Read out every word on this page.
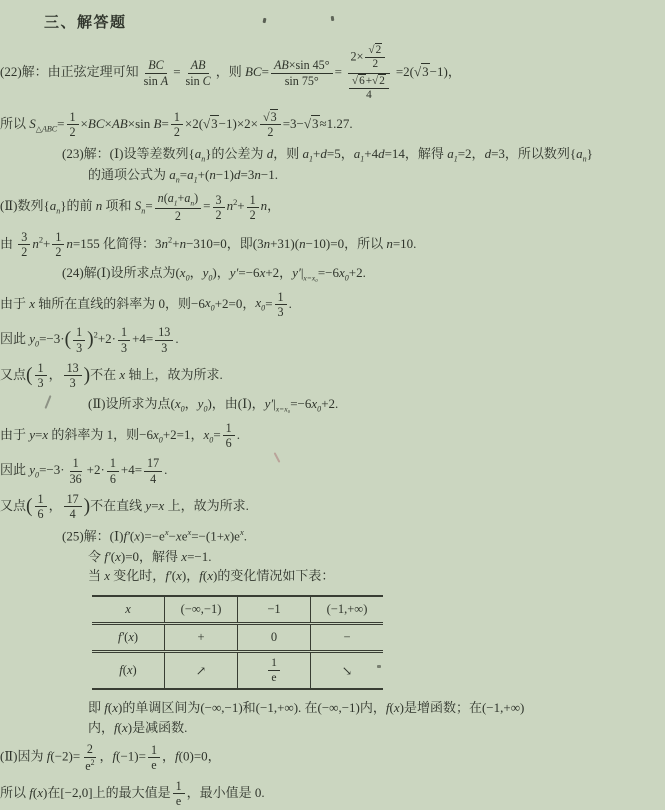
三、解答题
(22)解：由正弦定理可知 $\frac{BC}{\text{sin A}} = \frac{AB}{\text{sin C}}$ ，则 $BC= \frac{AB\times\sin 45^\circ}{\sin 75^\circ} = \frac{2\times \frac{√2}{2}}{\frac{√6+√2}{4}} =2(√3-1)$，
所以 $S_{\triangle ABC}= \frac{1}{2} \times BC\times AB\times\sin$ $B= \frac{1}{2} \times 2(√3-1)\times 2\times \frac{√3}{2} =3-√3\approx 1.27$.
(23)解：(Ⅰ)设等差数列$\{a_n\}$的公差为 d，则 $a_1+d=5$，$a_1+4d=14$，解得 $a_1=2$，d=3，所以数列$\{a_n\}$
的通项公式为 $a_n=a_1+(n-1)d=3n-1$.
(Ⅱ)数列$\{a_n\}$的前 n 项和 $S_n= \frac{n(a_1+a_n)}{2} = \frac{3}{2} n^2+ \frac{1}{2}$ n，
由 $\frac{3}{2} n^2+ \frac{1}{2} n=155$ 化简得：$3n^2+n-310=0$，即(3n+31)(n−10)=0，所以 n=10.
(24)解(Ⅰ)设所求点为($x_0$，$y_0$)，y′=−6x+2，$y'|_{x=x_0}=-6x_0+2$.
由于 x 轴所在直线的斜率为 0，则$-6x_0+2=0$，$x_0= \frac{1}{3}$ .
因此 $y_0=-3\cdot( \frac{1}{3} )^2+2\cdot \frac{1}{3} +4= \frac{13}{3}$ .
又点( $\frac{1}{3}$ ， $\frac{13}{3}$ )不在 x 轴上，故为所求.
(Ⅱ)设所求为点($x_0$，$y_0$)，由(Ⅰ)，$y'|_{x=x_0}=-6x_0+2$.
由于 y=x 的斜率为 1，则$-6x_0+2=1$，$x_0= \frac{1}{6}$ .
因此 $y_0=-3\cdot \frac{1}{36} +2\cdot \frac{1}{6} +4= \frac{17}{4}$ .
又点( $\frac{1}{6}$ ， $\frac{17}{4}$ )不在直线 y=x 上，故为所求.
(25)解：$(Ⅰ)f'(x)=-e^x-xe^x=-(1+x)e^x$.
令 f′(x)=0，解得 x=−1.
当 x 变化时，f′(x)，f(x)的变化情况如下表：
x	(−∞,−1)	−1	(−1,+∞)
f′(x)	+	0	−
f(x)	↗	$\frac{1}{e}$	↘
即 f(x)的单调区间为(−∞,−1)和(−1,+∞). 在(−∞,−1)内，f(x)是增函数；在(−1,+∞)
内，f(x)是减函数.
(Ⅱ)因为 $f(-2)= \frac{2}{e^2}$ ，$f(-1)= \frac{1}{e}$ ，f(0)=0，
所以 f(x)在[−2,0]上的最大值是 $\frac{1}{e}$ ，最小值是 0.
